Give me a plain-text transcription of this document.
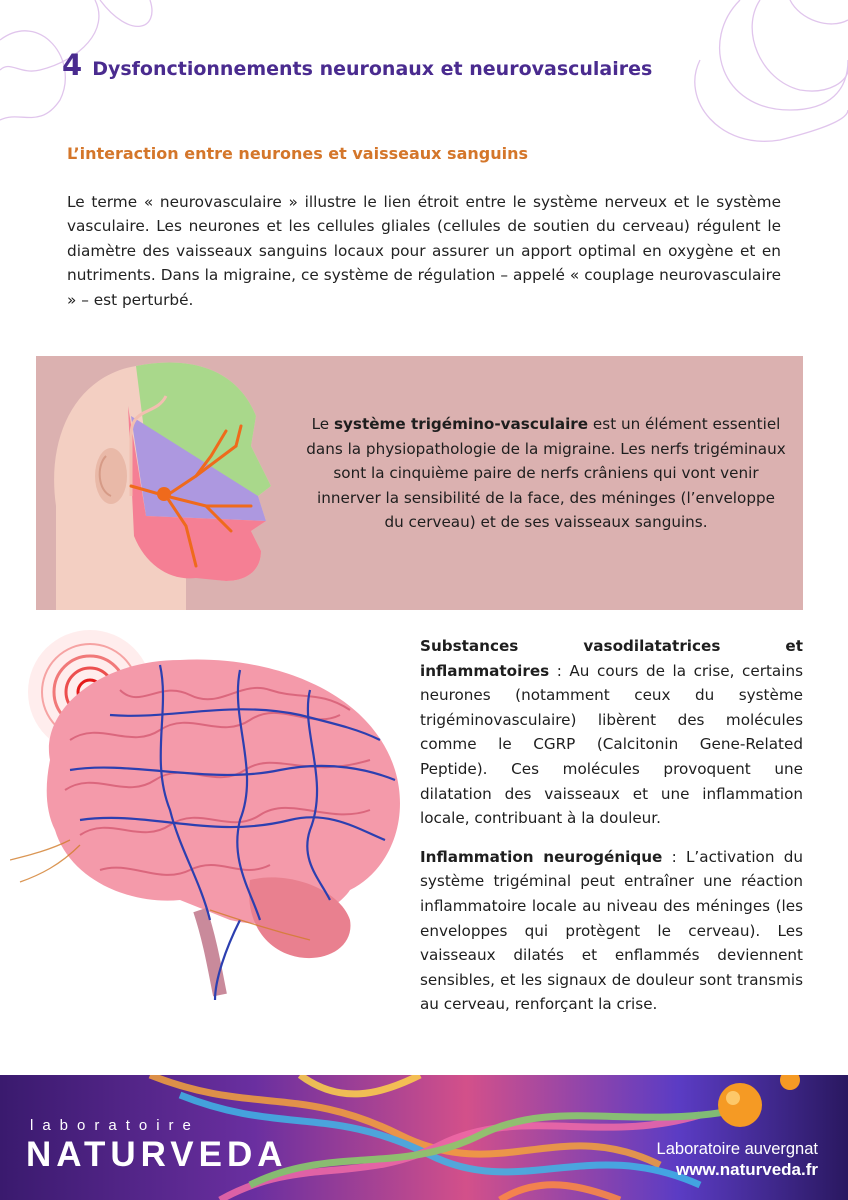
4 Dysfonctionnements neuronaux et neurovasculaires
L’interaction entre neurones et vaisseaux sanguins

Le terme « neurovasculaire » illustre le lien étroit entre le système nerveux et le système vasculaire. Les neurones et les cellules gliales (cellules de soutien du cerveau) régulent le diamètre des vaisseaux sanguins locaux pour assurer un apport optimal en oxygène et en nutriments. Dans la migraine, ce système de régulation – appelé « couplage neurovasculaire » – est perturbé.

Le système trigémino-vasculaire est un élément essentiel dans la physiopathologie de la migraine. Les nerfs trigéminaux sont la cinquième paire de nerfs crâniens qui vont venir innerver la sensibilité de la face, des méninges (l’enveloppe du cerveau) et de ses vaisseaux sanguins.

Substances vasodilatatrices et inflammatoires : Au cours de la crise, certains neurones (notamment ceux du système trigéminovasculaire) libèrent des molécules comme le CGRP (Calcitonin Gene-Related Peptide). Ces molécules provoquent une dilatation des vaisseaux et une inflammation locale, contribuant à la douleur.

Inflammation neurogénique : L’activation du système trigéminal peut entraîner une réaction inflammatoire locale au niveau des méninges (les enveloppes qui protègent le cerveau). Les vaisseaux dilatés et enflammés deviennent sensibles, et les signaux de douleur sont transmis au cerveau, renforçant la crise.

laboratoire
NATURVEDA	Laboratoire auvergnat
www.naturveda.fr
